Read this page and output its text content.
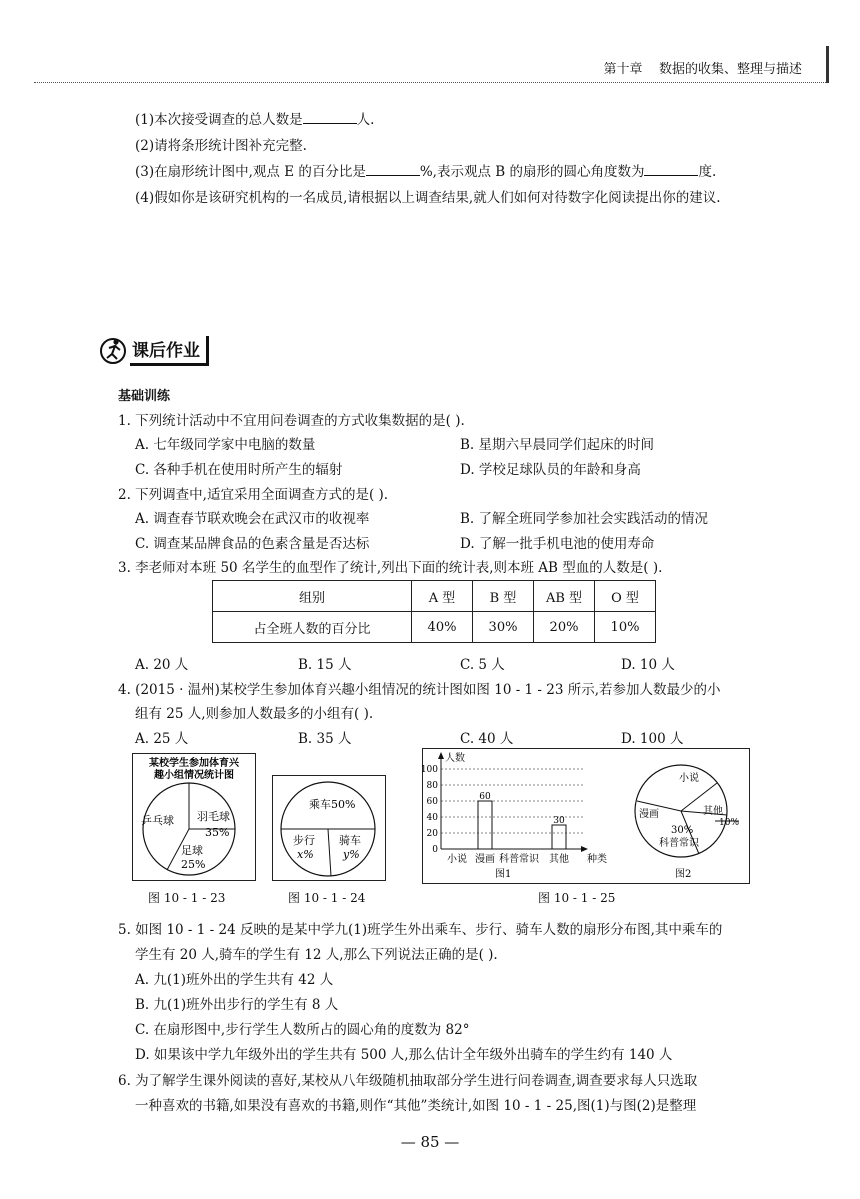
第十章 数据的收集、整理与描述
(1)本次接受调查的总人数是	人.
(2)请将条形统计图补充完整.
(3)在扇形统计图中,观点 E 的百分比是	%,表示观点 B 的扇形的圆心角度数为	度.
(4)假如你是该研究机构的一名成员,请根据以上调查结果,就人们如何对待数字化阅读提出你的建议.
课后作业
基础训练
1. 下列统计活动中不宜用问卷调查的方式收集数据的是( ).
A. 七年级同学家中电脑的数量	B. 星期六早晨同学们起床的时间
C. 各种手机在使用时所产生的辐射	D. 学校足球队员的年龄和身高
2. 下列调查中,适宜采用全面调查方式的是( ).
A. 调查春节联欢晚会在武汉市的收视率	B. 了解全班同学参加社会实践活动的情况
C. 调查某品牌食品的色素含量是否达标	D. 了解一批手机电池的使用寿命
3. 李老师对本班 50 名学生的血型作了统计,列出下面的统计表,则本班 AB 型血的人数是( ).
组别	A 型	B 型	AB 型	O 型
占全班人数的百分比	40%	30%	20%	10%
A. 20 人	B. 15 人	C. 5 人	D. 10 人
4. (2015 · 温州)某校学生参加体育兴趣小组情况的统计图如图 10 - 1 - 23 所示,若参加人数最少的小
组有 25 人,则参加人数最多的小组有( ).
A. 25 人	B. 35 人	C. 40 人	D. 100 人
某校学生参加体育兴
趣小组情况统计图
乒乓球 羽毛球
35%
足球
25%
图 10 - 1 - 23
乘车50%
步行
x%
骑车
y%
图 10 - 1 - 24
人数
100
80
60
40
20
0
60
30
小说 漫画 科普常识 其他 种类
图1
小说
漫画
30%
科普常识
其他
10%
图2
图 10 - 1 - 25
5. 如图 10 - 1 - 24 反映的是某中学九(1)班学生外出乘车、步行、骑车人数的扇形分布图,其中乘车的
学生有 20 人,骑车的学生有 12 人,那么下列说法正确的是( ).
A. 九(1)班外出的学生共有 42 人
B. 九(1)班外出步行的学生有 8 人
C. 在扇形图中,步行学生人数所占的圆心角的度数为 82°
D. 如果该中学九年级外出的学生共有 500 人,那么估计全年级外出骑车的学生约有 140 人
6. 为了解学生课外阅读的喜好,某校从八年级随机抽取部分学生进行问卷调查,调查要求每人只选取
一种喜欢的书籍,如果没有喜欢的书籍,则作“其他”类统计,如图 10 - 1 - 25,图(1)与图(2)是整理
— 85 —
